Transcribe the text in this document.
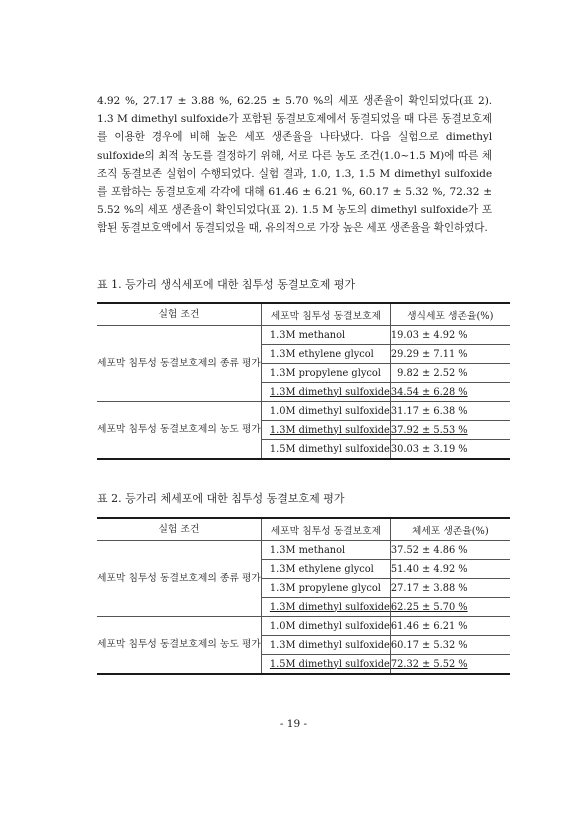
4.92 %, 27.17 ± 3.88 %, 62.25 ± 5.70 %의 세포 생존율이 확인되었다(표 2). 1.3 M dimethyl sulfoxide가 포함된 동결보호제에서 동결되었을 때 다른 동결보호제를 이용한 경우에 비해 높은 세포 생존율을 나타냈다. 다음 실험으로 dimethyl sulfoxide의 최적 농도를 결정하기 위해, 서로 다른 농도 조건(1.0~1.5 M)에 따른 체조직 동결보존 실험이 수행되었다. 실험 결과, 1.0, 1.3, 1.5 M dimethyl sulfoxide를 포함하는 동결보호제 각각에 대해 61.46 ± 6.21 %, 60.17 ± 5.32 %, 72.32 ± 5.52 %의 세포 생존율이 확인되었다(표 2). 1.5 M 농도의 dimethyl sulfoxide가 포함된 동결보호액에서 동결되었을 때, 유의적으로 가장 높은 세포 생존율을 확인하였다.

표 1. 등가리 생식세포에 대한 침투성 동결보호제 평가

실험 조건	세포막 침투성 동결보호제	생식세포 생존율(%)
세포막 침투성 동결보호제의 종류 평가	1.3M methanol	19.03 ± 4.92 %
	1.3M ethylene glycol	29.29 ± 7.11 %
	1.3M propylene glycol	9.82 ± 2.52 %
	1.3M dimethyl sulfoxide	34.54 ± 6.28 %
세포막 침투성 동결보호제의 농도 평가	1.0M dimethyl sulfoxide	31.17 ± 6.38 %
	1.3M dimethyl sulfoxide	37.92 ± 5.53 %
	1.5M dimethyl sulfoxide	30.03 ± 3.19 %

표 2. 등가리 체세포에 대한 침투성 동결보호제 평가

실험 조건	세포막 침투성 동결보호제	체세포 생존율(%)
세포막 침투성 동결보호제의 종류 평가	1.3M methanol	37.52 ± 4.86 %
	1.3M ethylene glycol	51.40 ± 4.92 %
	1.3M propylene glycol	27.17 ± 3.88 %
	1.3M dimethyl sulfoxide	62.25 ± 5.70 %
세포막 침투성 동결보호제의 농도 평가	1.0M dimethyl sulfoxide	61.46 ± 6.21 %
	1.3M dimethyl sulfoxide	60.17 ± 5.32 %
	1.5M dimethyl sulfoxide	72.32 ± 5.52 %

- 19 -
